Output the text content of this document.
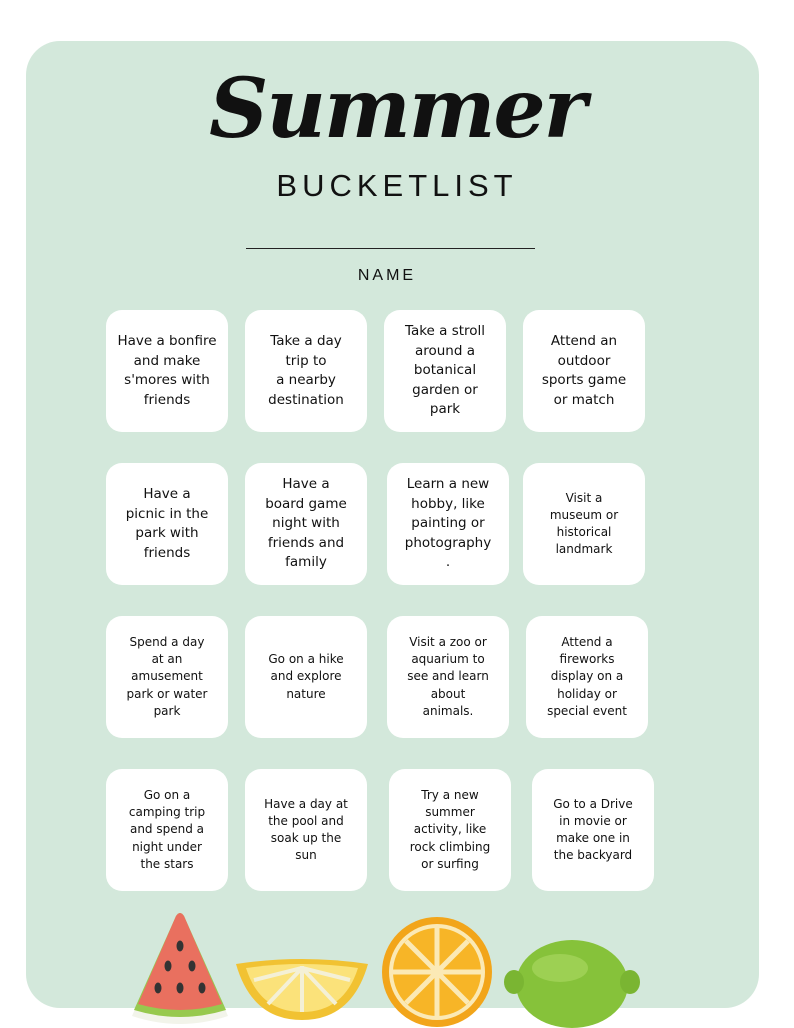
Summer
BUCKETLIST
NAME
Have a bonfire
and make
s'mores with
friends
Take a day
trip to
a nearby
destination
Take a stroll
around a
botanical
garden or
park
Attend an
outdoor
sports game
or match
Have a
picnic in the
park with
friends
Have a
board game
night with
friends and
family
Learn a new
hobby, like
painting or
photography
.
Visit a
museum or
historical
landmark
Spend a day
at an
amusement
park or water
park
Go on a hike
and explore
nature
Visit a zoo or
aquarium to
see and learn
about
animals.
Attend a
fireworks
display on a
holiday or
special event
Go on a
camping trip
and spend a
night under
the stars
Have a day at
the pool and
soak up the
sun
Try a new
summer
activity, like
rock climbing
or surfing
Go to a Drive
in movie or
make one in
the backyard
